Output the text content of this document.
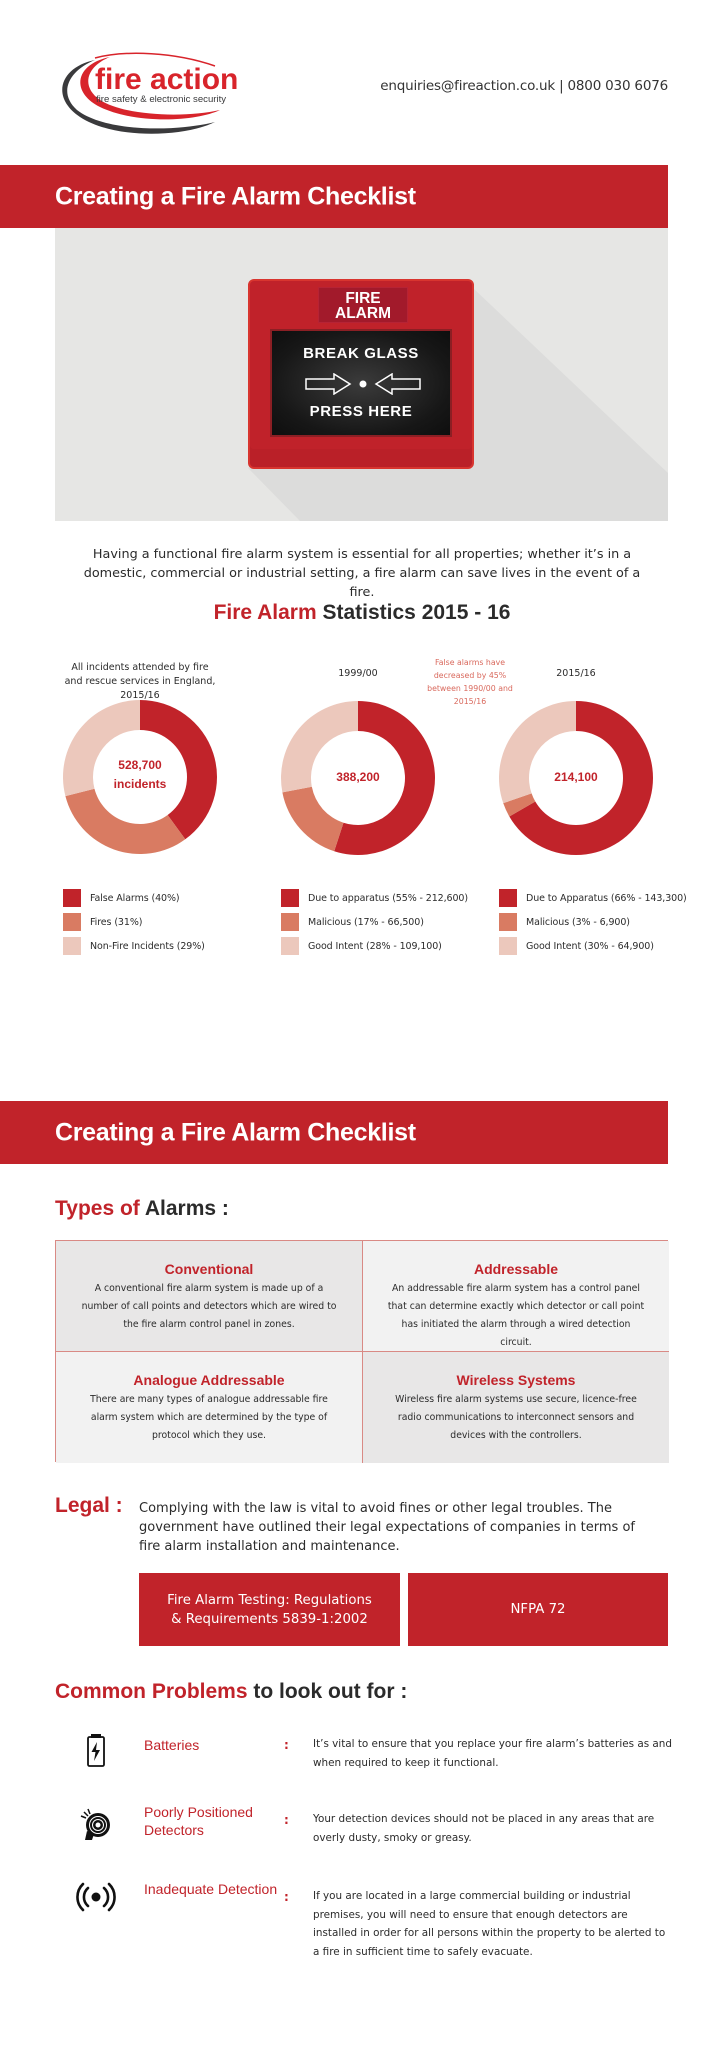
fire action
fire safety & electronic security
enquiries@fireaction.co.uk | 0800 030 6076
Creating a Fire Alarm Checklist
FIRE
ALARM
BREAK GLASS
PRESS HERE
Having a functional fire alarm system is essential for all properties; whether it’s in a domestic, commercial or industrial setting, a fire alarm can save lives in the event of a fire.
Fire Alarm Statistics 2015 - 16
All incidents attended by fire and rescue services in England, 2015/16
528,700
incidents
1999/00
388,200
False alarms have decreased by 45% between 1990/00 and 2015/16
2015/16
214,100
False Alarms (40%)
Fires (31%)
Non-Fire Incidents (29%)
Due to apparatus (55% - 212,600)
Malicious (17% - 66,500)
Good Intent (28% - 109,100)
Due to Apparatus (66% - 143,300)
Malicious (3% - 6,900)
Good Intent (30% - 64,900)
Creating a Fire Alarm Checklist
Types of Alarms :
Conventional
A conventional fire alarm system is made up of a number of call points and detectors which are wired to the fire alarm control panel in zones.
Addressable
An addressable fire alarm system has a control panel that can determine exactly which detector or call point has initiated the alarm through a wired detection circuit.
Analogue Addressable
There are many types of analogue addressable fire alarm system which are determined by the type of protocol which they use.
Wireless Systems
Wireless fire alarm systems use secure, licence-free radio communications to interconnect sensors and devices with the controllers.
Legal : Complying with the law is vital to avoid fines or other legal troubles. The government have outlined their legal expectations of companies in terms of fire alarm installation and maintenance.
Fire Alarm Testing: Regulations
& Requirements 5839-1:2002
NFPA 72
Common Problems to look out for :
Batteries	: It’s vital to ensure that you replace your fire alarm’s batteries as and when required to keep it functional.
Poorly Positioned Detectors
: Your detection devices should not be placed in any areas that are overly dusty, smoky or greasy.
Inadequate Detection : If you are located in a large commercial building or industrial premises, you will need to ensure that enough detectors are installed in order for all persons within the property to be alerted to a fire in sufficient time to safely evacuate.
